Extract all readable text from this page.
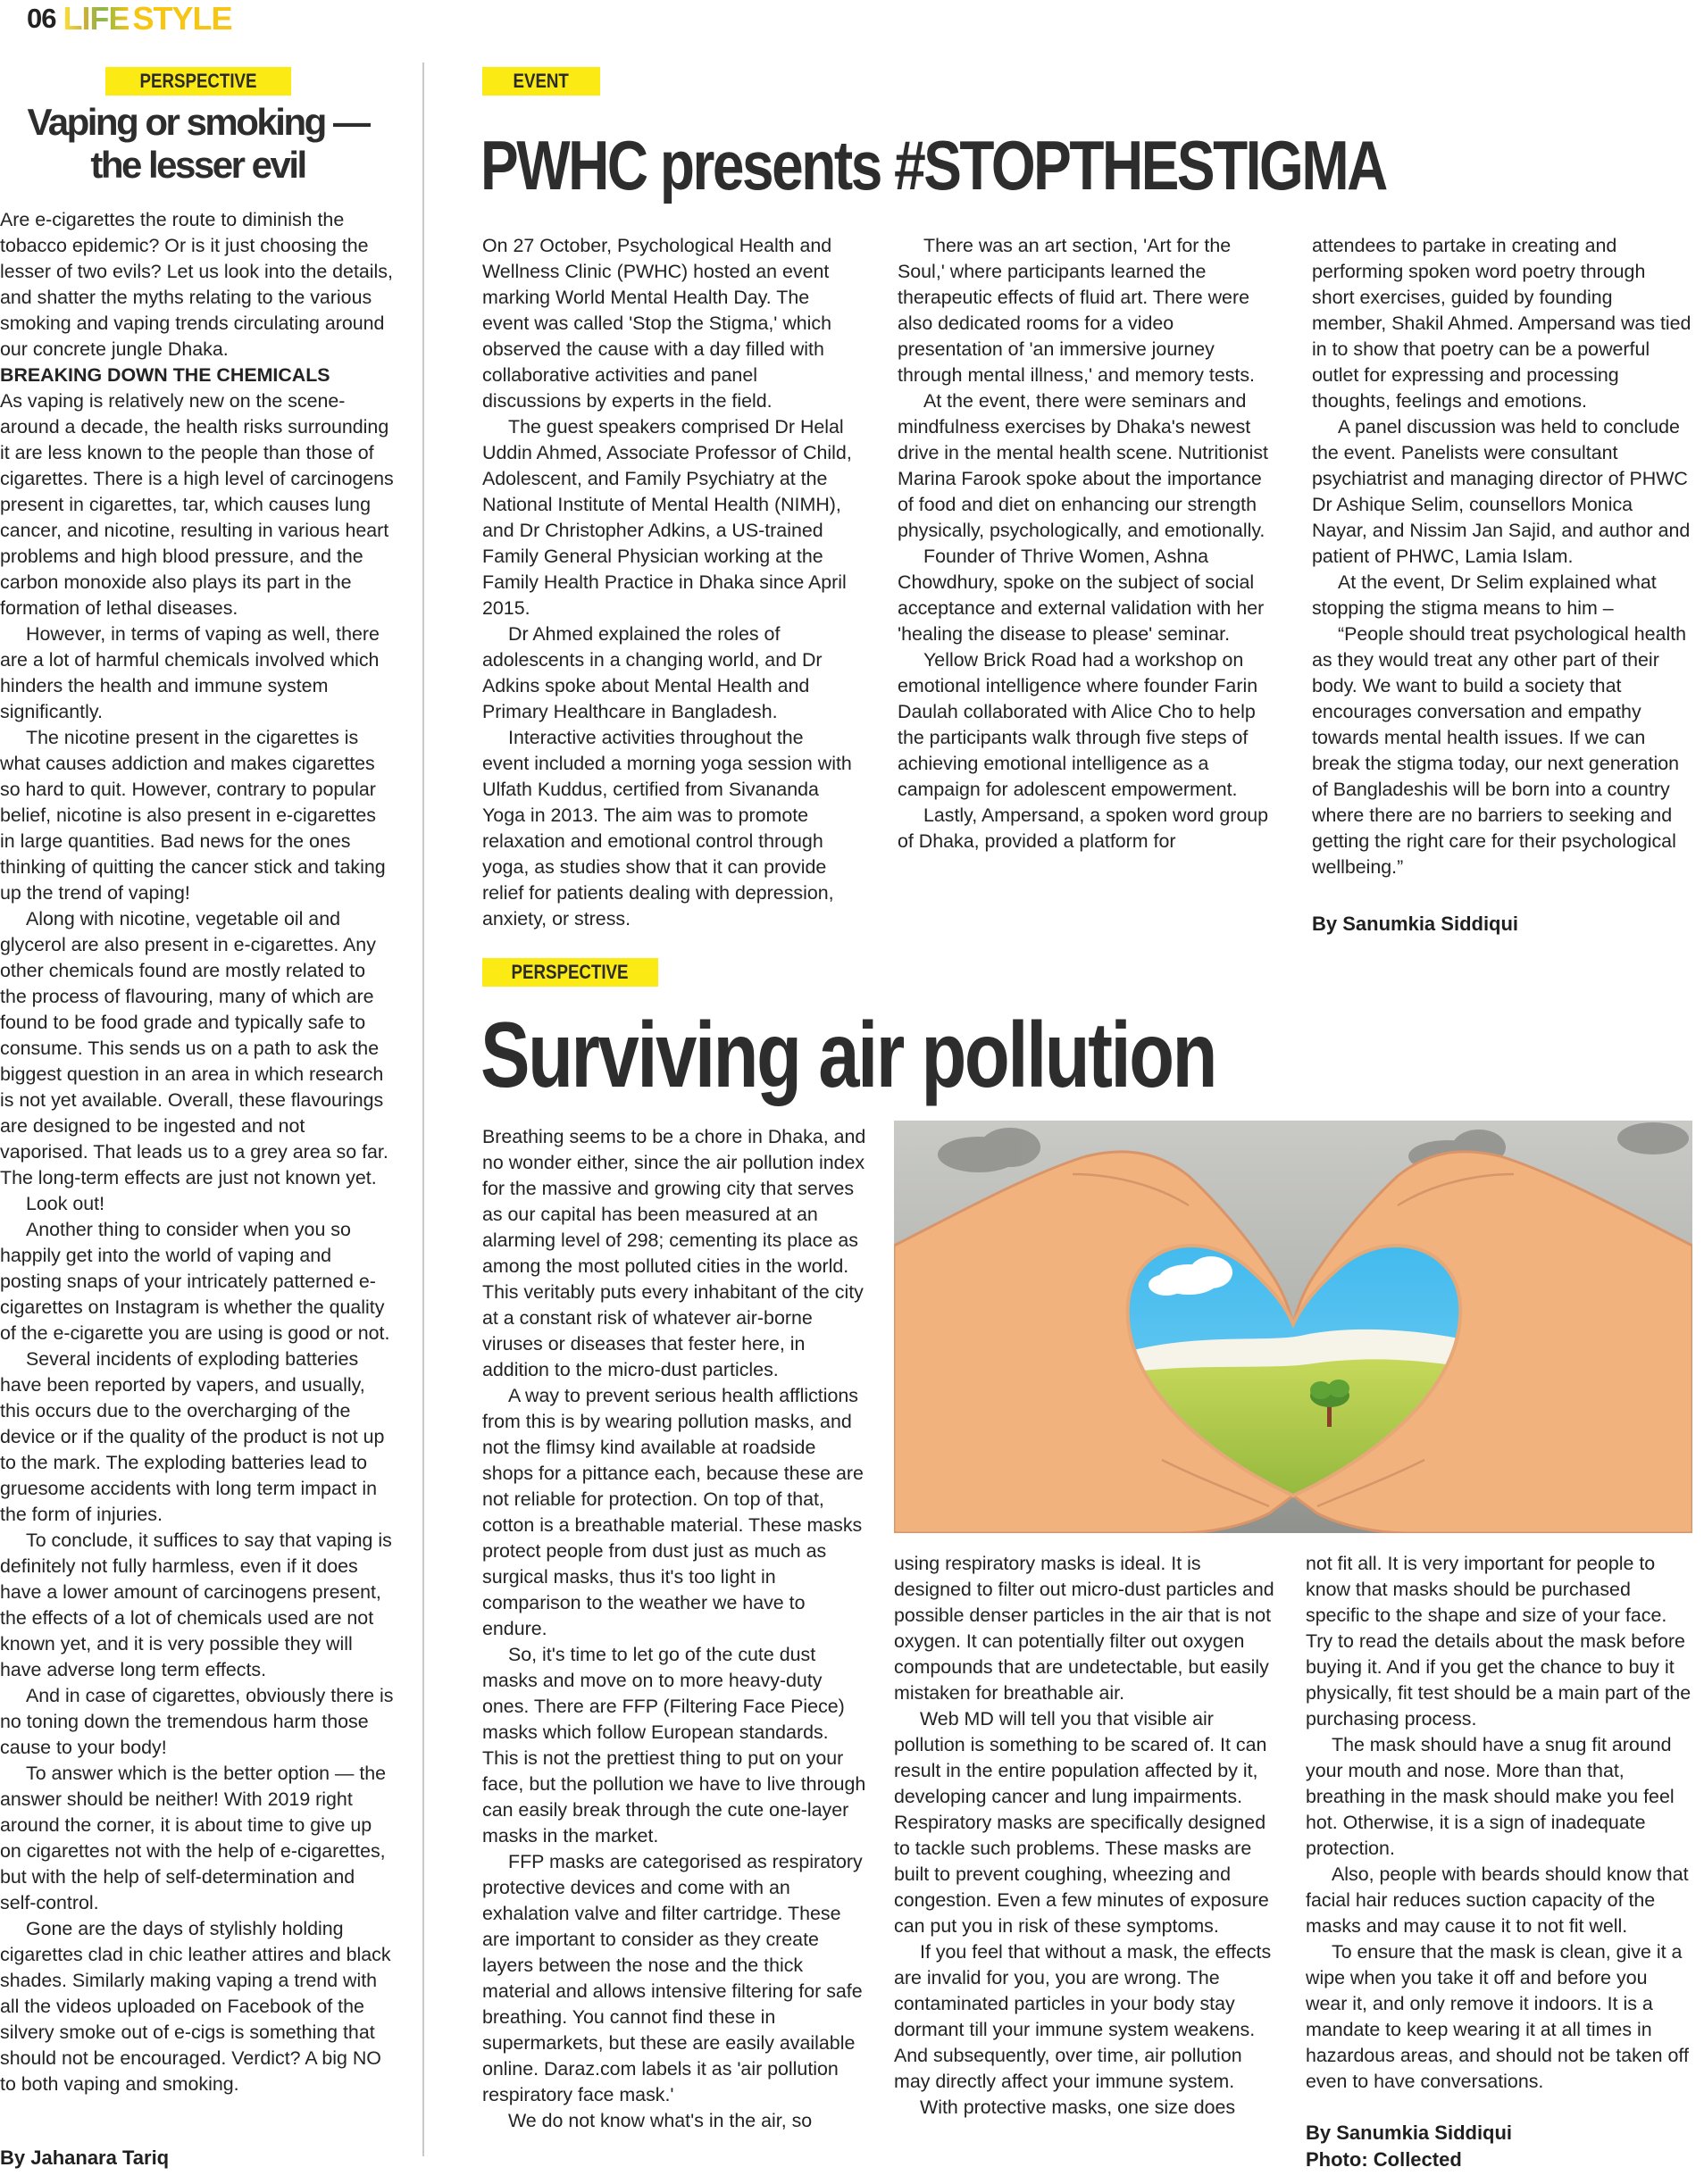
06 LIFE STYLE
PERSPECTIVE
Vaping or smoking —
the lesser evil

Are e-cigarettes the route to diminish the tobacco epidemic? Or is it just choosing the lesser of two evils? Let us look into the details, and shatter the myths relating to the various smoking and vaping trends circulating around our concrete jungle Dhaka.

BREAKING DOWN THE CHEMICALS

As vaping is relatively new on the scene-around a decade, the health risks surrounding it are less known to the people than those of cigarettes. There is a high level of carcinogens present in cigarettes, tar, which causes lung cancer, and nicotine, resulting in various heart problems and high blood pressure, and the carbon monoxide also plays its part in the formation of lethal diseases.

However, in terms of vaping as well, there are a lot of harmful chemicals involved which hinders the health and immune system significantly.

The nicotine present in the cigarettes is what causes addiction and makes cigarettes so hard to quit. However, contrary to popular belief, nicotine is also present in e-cigarettes in large quantities. Bad news for the ones thinking of quitting the cancer stick and taking up the trend of vaping!

Along with nicotine, vegetable oil and glycerol are also present in e-cigarettes. Any other chemicals found are mostly related to the process of flavouring, many of which are found to be food grade and typically safe to consume. This sends us on a path to ask the biggest question in an area in which research is not yet available. Overall, these flavourings are designed to be ingested and not vaporised. That leads us to a grey area so far. The long-term effects are just not known yet.

Look out!

Another thing to consider when you so happily get into the world of vaping and posting snaps of your intricately patterned e-cigarettes on Instagram is whether the quality of the e-cigarette you are using is good or not.

Several incidents of exploding batteries have been reported by vapers, and usually, this occurs due to the overcharging of the device or if the quality of the product is not up to the mark. The exploding batteries lead to gruesome accidents with long term impact in the form of injuries.

To conclude, it suffices to say that vaping is definitely not fully harmless, even if it does have a lower amount of carcinogens present, the effects of a lot of chemicals used are not known yet, and it is very possible they will have adverse long term effects.

And in case of cigarettes, obviously there is no toning down the tremendous harm those cause to your body!

To answer which is the better option — the answer should be neither! With 2019 right around the corner, it is about time to give up on cigarettes not with the help of e-cigarettes, but with the help of self-determination and self-control.

Gone are the days of stylishly holding cigarettes clad in chic leather attires and black shades. Similarly making vaping a trend with all the videos uploaded on Facebook of the silvery smoke out of e-cigs is something that should not be encouraged. Verdict? A big NO to both vaping and smoking.

By Jahanara Tariq
EVENT
PWHC presents #STOPTHESTIGMA

On 27 October, Psychological Health and Wellness Clinic (PWHC) hosted an event marking World Mental Health Day. The event was called 'Stop the Stigma,' which observed the cause with a day filled with collaborative activities and panel discussions by experts in the field.

The guest speakers comprised Dr Helal Uddin Ahmed, Associate Professor of Child, Adolescent, and Family Psychiatry at the National Institute of Mental Health (NIMH), and Dr Christopher Adkins, a US-trained Family General Physician working at the Family Health Practice in Dhaka since April 2015.

Dr Ahmed explained the roles of adolescents in a changing world, and Dr Adkins spoke about Mental Health and Primary Healthcare in Bangladesh.

Interactive activities throughout the event included a morning yoga session with Ulfath Kuddus, certified from Sivananda Yoga in 2013. The aim was to promote relaxation and emotional control through yoga, as studies show that it can provide relief for patients dealing with depression, anxiety, or stress.

There was an art section, 'Art for the Soul,' where participants learned the therapeutic effects of fluid art. There were also dedicated rooms for a video presentation of 'an immersive journey through mental illness,' and memory tests.

At the event, there were seminars and mindfulness exercises by Dhaka's newest drive in the mental health scene. Nutritionist Marina Farook spoke about the importance of food and diet on enhancing our strength physically, psychologically, and emotionally.

Founder of Thrive Women, Ashna Chowdhury, spoke on the subject of social acceptance and external validation with her 'healing the disease to please' seminar.

Yellow Brick Road had a workshop on emotional intelligence where founder Farin Daulah collaborated with Alice Cho to help the participants walk through five steps of achieving emotional intelligence as a campaign for adolescent empowerment.

Lastly, Ampersand, a spoken word group of Dhaka, provided a platform for

attendees to partake in creating and performing spoken word poetry through short exercises, guided by founding member, Shakil Ahmed. Ampersand was tied in to show that poetry can be a powerful outlet for expressing and processing thoughts, feelings and emotions.

A panel discussion was held to conclude the event. Panelists were consultant psychiatrist and managing director of PHWC Dr Ashique Selim, counsellors Monica Nayar, and Nissim Jan Sajid, and author and patient of PHWC, Lamia Islam.

At the event, Dr Selim explained what stopping the stigma means to him –

“People should treat psychological health as they would treat any other part of their body. We want to build a society that encourages conversation and empathy towards mental health issues. If we can break the stigma today, our next generation of Bangladeshis will be born into a country where there are no barriers to seeking and getting the right care for their psychological wellbeing.”

By Sanumkia Siddiqui
PERSPECTIVE
Surviving air pollution

Breathing seems to be a chore in Dhaka, and no wonder either, since the air pollution index for the massive and growing city that serves as our capital has been measured at an alarming level of 298; cementing its place as among the most polluted cities in the world. This veritably puts every inhabitant of the city at a constant risk of whatever air-borne viruses or diseases that fester here, in addition to the micro-dust particles.

A way to prevent serious health afflictions from this is by wearing pollution masks, and not the flimsy kind available at roadside shops for a pittance each, because these are not reliable for protection. On top of that, cotton is a breathable material. These masks protect people from dust just as much as surgical masks, thus it's too light in comparison to the weather we have to endure.

So, it's time to let go of the cute dust masks and move on to more heavy-duty ones. There are FFP (Filtering Face Piece) masks which follow European standards. This is not the prettiest thing to put on your face, but the pollution we have to live through can easily break through the cute one-layer masks in the market.

FFP masks are categorised as respiratory protective devices and come with an exhalation valve and filter cartridge. These are important to consider as they create layers between the nose and the thick material and allows intensive filtering for safe breathing. You cannot find these in supermarkets, but these are easily available online. Daraz.com labels it as 'air pollution respiratory face mask.'

We do not know what's in the air, so

using respiratory masks is ideal. It is designed to filter out micro-dust particles and possible denser particles in the air that is not oxygen. It can potentially filter out oxygen compounds that are undetectable, but easily mistaken for breathable air.

Web MD will tell you that visible air pollution is something to be scared of. It can result in the entire population affected by it, developing cancer and lung impairments. Respiratory masks are specifically designed to tackle such problems. These masks are built to prevent coughing, wheezing and congestion. Even a few minutes of exposure can put you in risk of these symptoms.

If you feel that without a mask, the effects are invalid for you, you are wrong. The contaminated particles in your body stay dormant till your immune system weakens. And subsequently, over time, air pollution may directly affect your immune system.

With protective masks, one size does

not fit all. It is very important for people to know that masks should be purchased specific to the shape and size of your face. Try to read the details about the mask before buying it. And if you get the chance to buy it physically, fit test should be a main part of the purchasing process.

The mask should have a snug fit around your mouth and nose. More than that, breathing in the mask should make you feel hot. Otherwise, it is a sign of inadequate protection.

Also, people with beards should know that facial hair reduces suction capacity of the masks and may cause it to not fit well.

To ensure that the mask is clean, give it a wipe when you take it off and before you wear it, and only remove it indoors. It is a mandate to keep wearing it at all times in hazardous areas, and should not be taken off even to have conversations.

By Sanumkia Siddiqui
Photo: Collected
